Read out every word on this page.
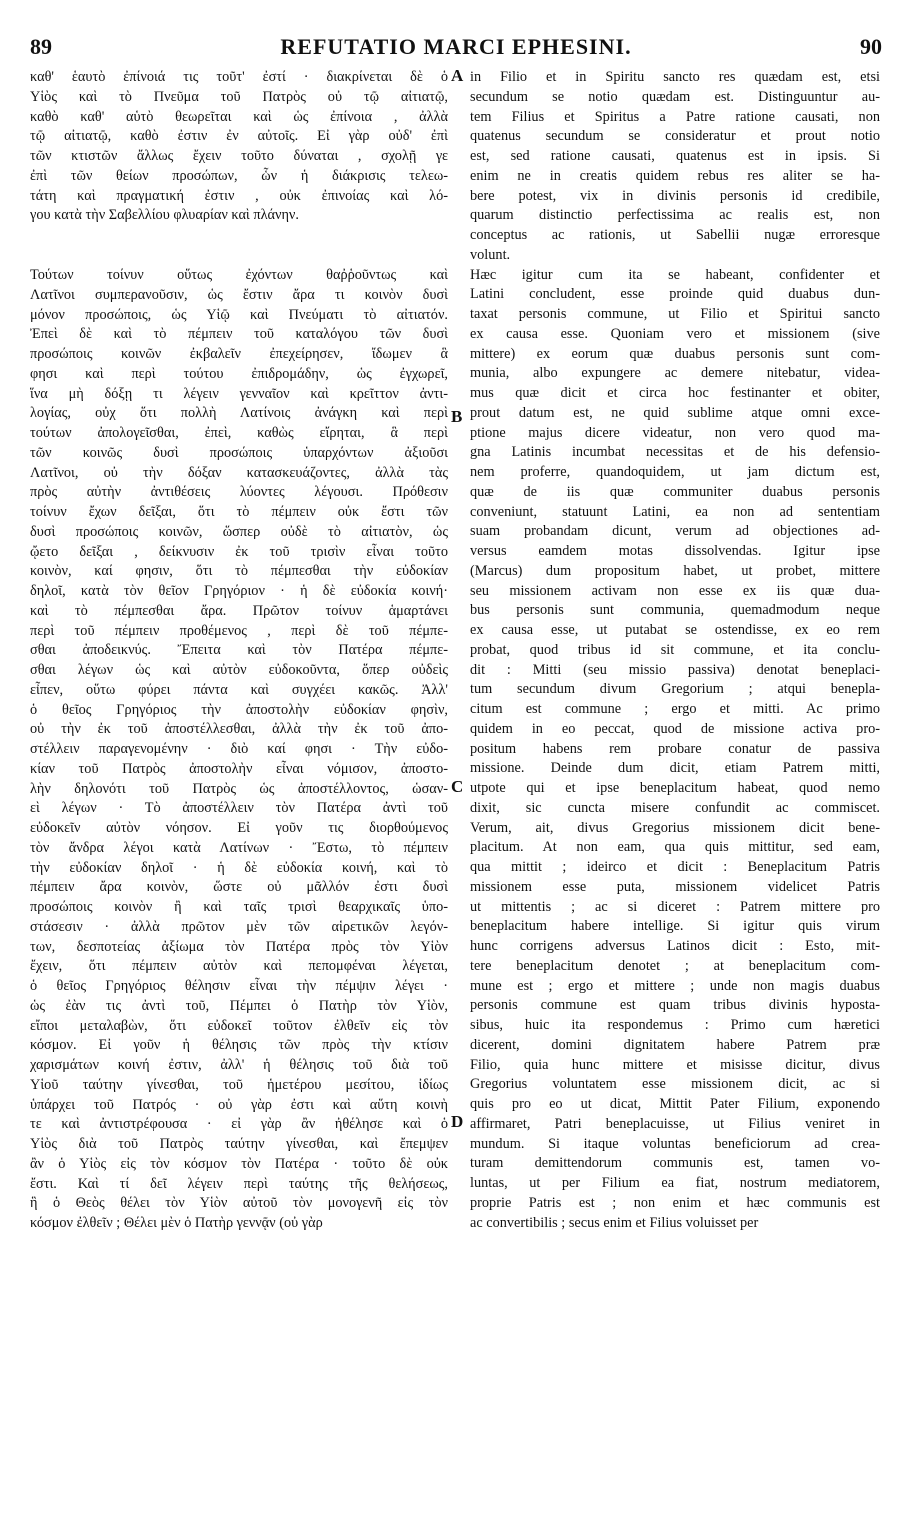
89	REFUTATIO MARCI EPHESINI.	90
καθ' ἑαυτὸ ἐπίνοιά τις τοῦτ' ἐστί · διακρίνεται δὲ ὁ
Υἱὸς καὶ τὸ Πνεῦμα τοῦ Πατρὸς οὐ τῷ αἰτιατῷ,
καθὸ καθ' αὑτὸ θεωρεῖται καὶ ὡς ἐπίνοια , ἀλλὰ
τῷ αἰτιατῷ, καθὸ ἐστιν ἐν αὐτοῖς. Εἰ γὰρ οὐδ' ἐπὶ
τῶν κτιστῶν ἄλλως ἔχειν τοῦτο δύναται , σχολῇ γε
ἐπὶ τῶν θείων προσώπων, ὧν ἡ διάκρισις τελεω-
τάτη καὶ πραγματική ἐστιν , οὐκ ἐπινοίας καὶ λό-
γου κατὰ τὴν Σαβελλίου φλυαρίαν καὶ πλάνην.
Τούτων τοίνυν οὕτως ἐχόντων θαῤῥοῦντως καὶ
Λατῖνοι συμπερανοῦσιν, ὡς ἔστιν ἄρα τι κοινὸν δυσὶ
μόνον προσώποις, ὡς Υἱῷ καὶ Πνεύματι τὸ αἰτιατόν.
Ἐπεὶ δὲ καὶ τὸ πέμπειν τοῦ καταλόγου τῶν δυσὶ
προσώποις κοινῶν ἐκβαλεῖν ἐπεχείρησεν, ἴδωμεν ἃ
φησι καὶ περὶ τούτου ἐπιδρομάδην, ὡς ἐγχωρεῖ,
ἵνα μὴ δόξῃ τι λέγειν γενναῖον καὶ κρεῖττον ἀντι-
λογίας, οὐχ ὅτι πολλὴ Λατίνοις ἀνάγκη καὶ περὶ
τούτων ἀπολογεῖσθαι, ἐπεὶ, καθὼς εἴρηται, ἃ περὶ
τῶν κοινῶς δυσὶ προσώποις ὑπαρχόντων ἀξιοῦσι
Λατῖνοι, οὐ τὴν δόξαν κατασκευάζοντες, ἀλλὰ τὰς
πρὸς αὐτὴν ἀντιθέσεις λύοντες λέγουσι. Πρόθεσιν
τοίνυν ἔχων δεῖξαι, ὅτι τὸ πέμπειν οὐκ ἔστι τῶν
δυσὶ προσώποις κοινῶν, ὥσπερ οὐδὲ τὸ αἰτιατὸν, ὡς
ᾤετο δεῖξαι , δείκνυσιν ἐκ τοῦ τρισὶν εἶναι τοῦτο
κοινὸν, καί φησιν, ὅτι τὸ πέμπεσθαι τὴν εὐδοκίαν
δηλοῖ, κατὰ τὸν θεῖον Γρηγόριον · ἡ δὲ εὐδοκία κοινή·
καὶ τὸ πέμπεσθαι ἄρα. Πρῶτον τοίνυν ἁμαρτάνει
περὶ τοῦ πέμπειν προθέμενος , περὶ δὲ τοῦ πέμπε-
σθαι ἀποδεικνύς. Ἔπειτα καὶ τὸν Πατέρα πέμπε-
σθαι λέγων ὡς καὶ αὐτὸν εὐδοκοῦντα, ὅπερ οὐδεὶς
εἶπεν, οὕτω φύρει πάντα καὶ συγχέει κακῶς. Ἀλλ'
ὁ θεῖος Γρηγόριος τὴν ἀποστολὴν εὐδοκίαν φησὶν,
οὐ τὴν ἐκ τοῦ ἀποστέλλεσθαι, ἀλλὰ τὴν ἐκ τοῦ ἀπο-
στέλλειν παραγενομένην · διὸ καί φησι · Τὴν εὐδο-
κίαν τοῦ Πατρὸς ἀποστολὴν εἶναι νόμισον, ἀποστο-
λὴν δηλονότι τοῦ Πατρὸς ὡς ἀποστέλλοντος, ὡσαν-
εὶ λέγων · Τὸ ἀποστέλλειν τὸν Πατέρα ἀντὶ τοῦ
εὐδοκεῖν αὐτὸν νόησον. Εἰ γοῦν τις διορθούμενος
τὸν ἄνδρα λέγοι κατὰ Λατίνων · Ἔστω, τὸ πέμπειν
τὴν εὐδοκίαν δηλοῖ · ἡ δὲ εὐδοκία κοινή, καὶ τὸ
πέμπειν ἄρα κοινὸν, ὥστε οὐ μᾶλλόν ἐστι δυσὶ
προσώποις κοινὸν ἢ καὶ ταῖς τρισὶ θεαρχικαῖς ὑπο-
στάσεσιν · ἀλλὰ πρῶτον μὲν τῶν αἱρετικῶν λεγόν-
των, δεσποτείας ἀξίωμα τὸν Πατέρα πρὸς τὸν Υἱὸν
ἔχειν, ὅτι πέμπειν αὐτὸν καὶ πεπομφέναι λέγεται,
ὁ θεῖος Γρηγόριος θέλησιν εἶναι τὴν πέμψιν λέγει ·
ὡς ἐὰν τις ἀντὶ τοῦ, Πέμπει ὁ Πατὴρ τὸν Υἱὸν,
εἴποι μεταλαβὼν, ὅτι εὐδοκεῖ τοῦτον ἐλθεῖν εἰς τὸν
κόσμον. Εἰ γοῦν ἡ θέλησις τῶν πρὸς τὴν κτίσιν
χαρισμάτων κοινή ἐστιν, ἀλλ' ἡ θέλησις τοῦ διὰ τοῦ
Υἱοῦ ταύτην γίνεσθαι, τοῦ ἡμετέρου μεσίτου, ἰδίως
ὑπάρχει τοῦ Πατρός · οὐ γὰρ ἐστι καὶ αὕτη κοινὴ
τε καὶ ἀντιστρέφουσα · εἰ γὰρ ἂν ἠθέλησε καὶ ὁ
Υἱὸς διὰ τοῦ Πατρὸς ταύτην γίνεσθαι, καὶ ἔπεμψεν
ἂν ὁ Υἱὸς εἰς τὸν κόσμον τὸν Πατέρα · τοῦτο δὲ οὐκ
ἔστι. Καὶ τί δεῖ λέγειν περὶ ταύτης τῆς θελήσεως,
ἣ ὁ Θεὸς θέλει τὸν Υἱὸν αὐτοῦ τὸν μονογενῆ εἰς τὸν
κόσμον ἐλθεῖν ; Θέλει μὲν ὁ Πατὴρ γεννᾷν (οὐ γὰρ
in Filio et in Spiritu sancto res quædam est, etsi
secundum se notio quædam est. Distinguuntur au-
tem Filius et Spiritus a Patre ratione causati, non
quatenus secundum se consideratur et prout notio
est, sed ratione causati, quatenus est in ipsis. Si
enim ne in creatis quidem rebus res aliter se ha-
bere potest, vix in divinis personis id credibile,
quarum distinctio perfectissima ac realis est, non
conceptus ac rationis, ut Sabellii nugæ erroresque
volunt.
Hæc igitur cum ita se habeant, confidenter et
Latini concludent, esse proinde quid duabus dun-
taxat personis commune, ut Filio et Spiritui sancto
ex causa esse. Quoniam vero et missionem (sive
mittere) ex eorum quæ duabus personis sunt com-
munia, albo expungere ac demere nitebatur, videa-
mus quæ dicit et circa hoc festinanter et obiter,
prout datum est, ne quid sublime atque omni exce-
ptione majus dicere videatur, non vero quod ma-
gna Latinis incumbat necessitas et de his defensio-
nem proferre, quandoquidem, ut jam dictum est,
quæ de iis quæ communiter duabus personis
conveniunt, statuunt Latini, ea non ad sententiam
suam probandam dicunt, verum ad objectiones ad-
versus eamdem motas dissolvendas. Igitur ipse
(Marcus) dum propositum habet, ut probet, mittere
seu missionem activam non esse ex iis quæ dua-
bus personis sunt communia, quemadmodum neque
ex causa esse, ut putabat se ostendisse, ex eo rem
probat, quod tribus id sit commune, et ita conclu-
dit : Mitti (seu missio passiva) denotat beneplaci-
tum secundum divum Gregorium ; atqui benepla-
citum est commune ; ergo et mitti. Ac primo
quidem in eo peccat, quod de missione activa pro-
positum habens rem probare conatur de passiva
missione. Deinde dum dicit, etiam Patrem mitti,
utpote qui et ipse beneplacitum habeat, quod nemo
dixit, sic cuncta misere confundit ac commiscet.
Verum, ait, divus Gregorius missionem dicit bene-
placitum. At non eam, qua quis mittitur, sed eam,
qua mittit ; ideirco et dicit : Beneplacitum Patris
missionem esse puta, missionem videlicet Patris
ut mittentis ; ac si diceret : Patrem mittere pro
beneplacitum habere intellige. Si igitur quis virum
hunc corrigens adversus Latinos dicit : Esto, mit-
tere beneplacitum denotet ; at beneplacitum com-
mune est ; ergo et mittere ; unde non magis duabus
personis commune est quam tribus divinis hyposta-
sibus, huic ita respondemus : Primo cum hæretici
dicerent, domini dignitatem habere Patrem præ
Filio, quia hunc mittere et misisse dicitur, divus
Gregorius voluntatem esse missionem dicit, ac si
quis pro eo ut dicat, Mittit Pater Filium, exponendo
affirmaret, Patri beneplacuisse, ut Filius veniret in
mundum. Si itaque voluntas beneficiorum ad crea-
turam demittendorum communis est, tamen vo-
luntas, ut per Filium ea fiat, nostrum mediatorem,
proprie Patris est ; non enim et hæc communis est
ac convertibilis ; secus enim et Filius voluisset per
A
B
C
D
